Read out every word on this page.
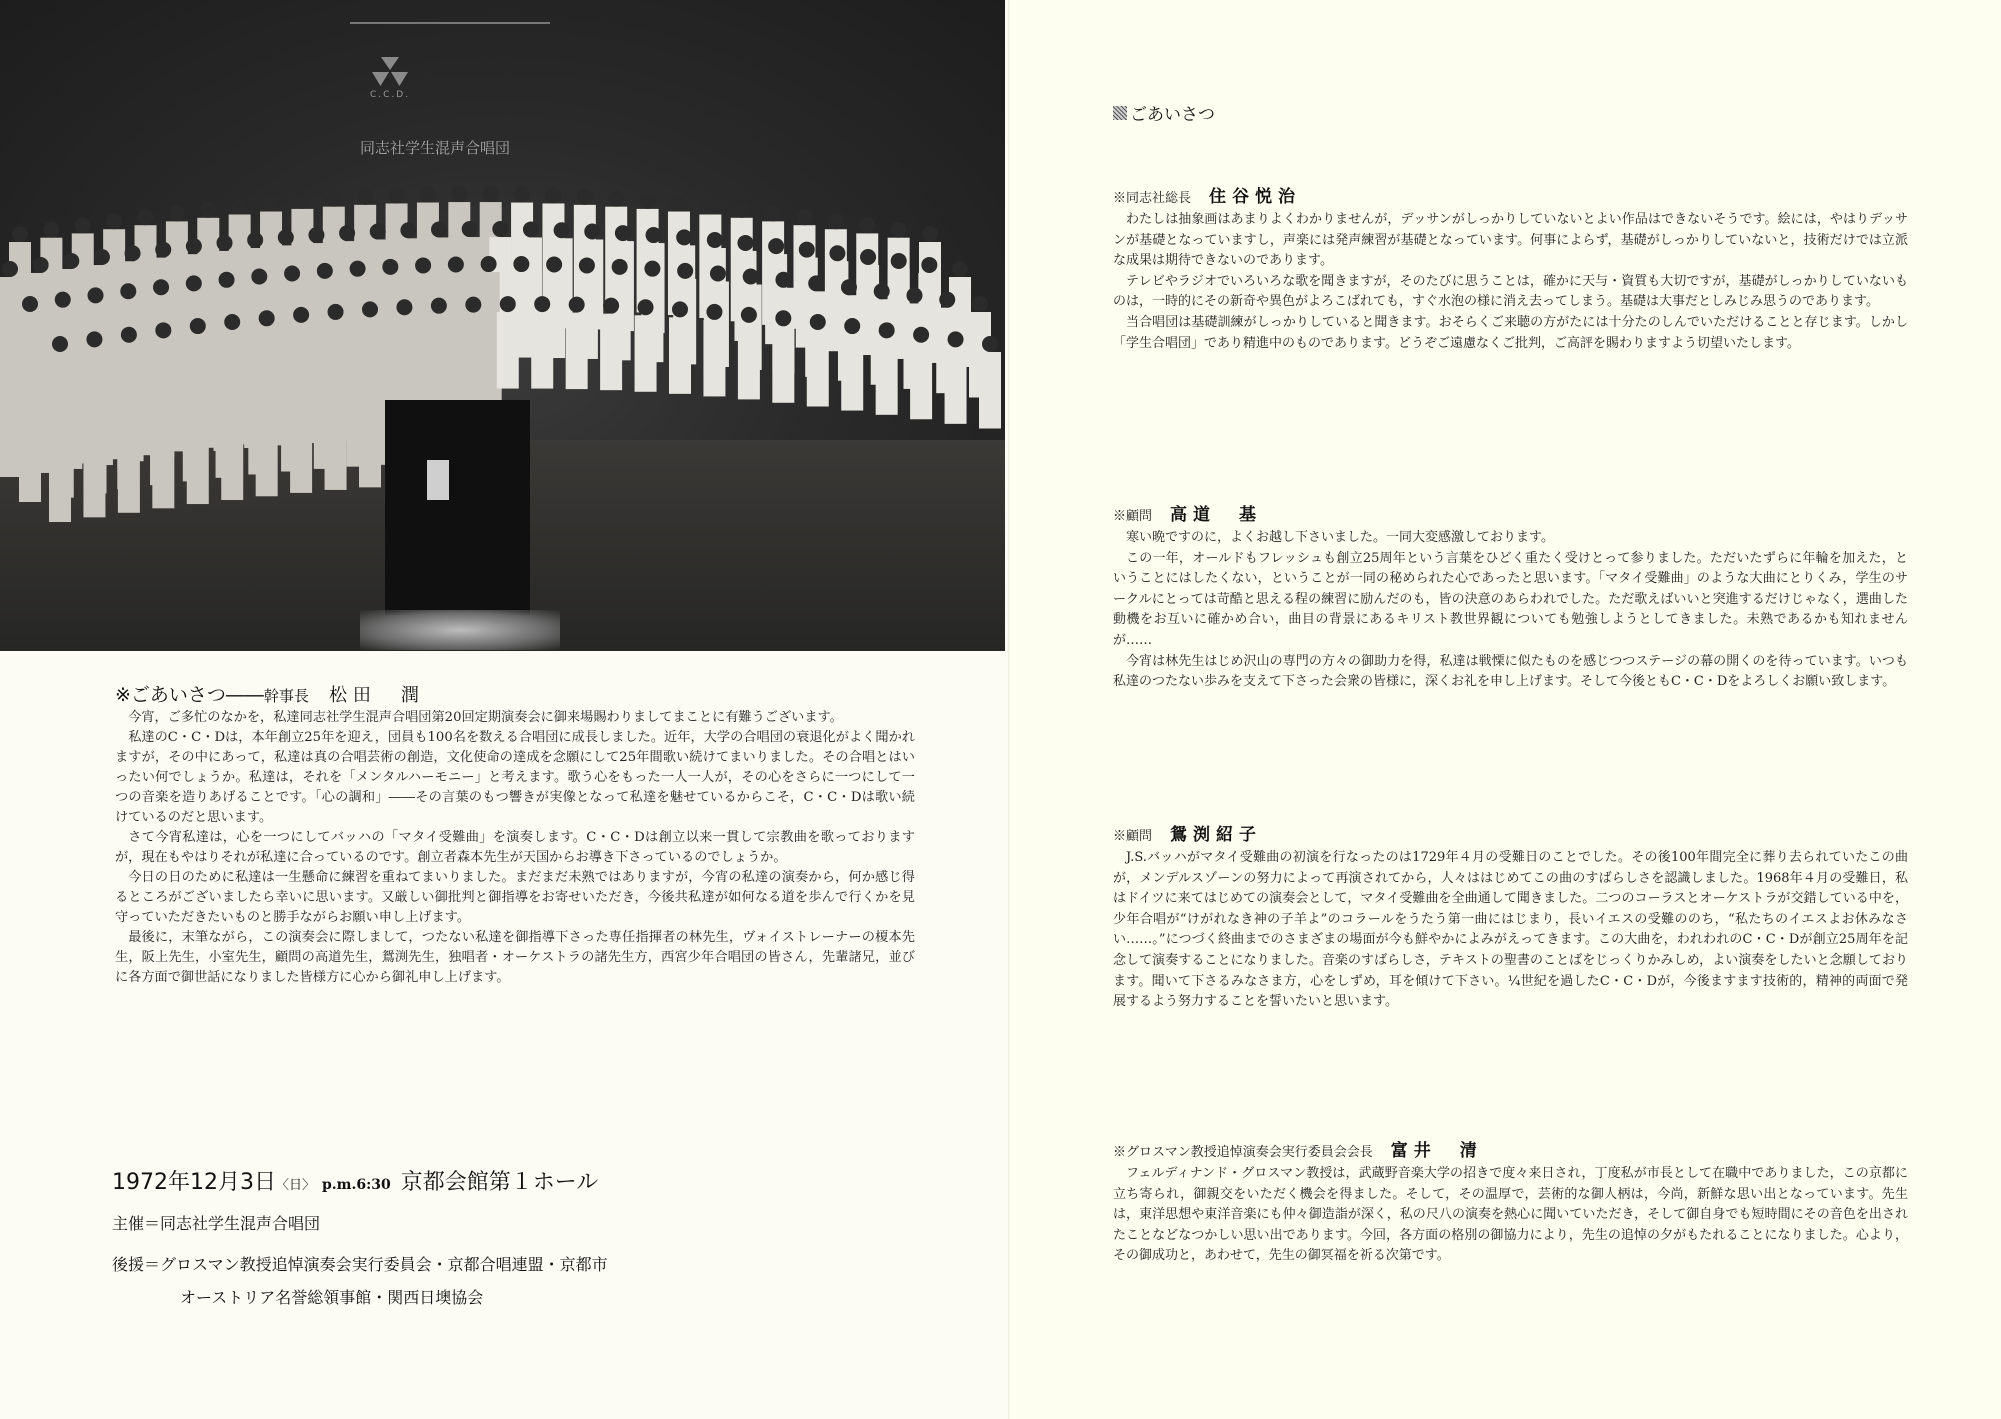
C.C.D.
同志社学生混声合唱団
※ごあいさつ――幹事長 松田　潤

今宵，ご多忙のなかを，私達同志社学生混声合唱団第20回定期演奏会に御来場賜わりましてまことに有難うございます。

私達のC・C・Dは，本年創立25年を迎え，団員も100名を数える合唱団に成長しました。近年，大学の合唱団の衰退化がよく聞かれますが，その中にあって，私達は真の合唱芸術の創造，文化使命の達成を念願にして25年間歌い続けてまいりました。その合唱とはいったい何でしょうか。私達は，それを「メンタルハーモニー」と考えます。歌う心をもった一人一人が，その心をさらに一つにして一つの音楽を造りあげることです。「心の調和」――その言葉のもつ響きが実像となって私達を魅せているからこそ，C・C・Dは歌い続けているのだと思います。

さて今宵私達は，心を一つにしてバッハの「マタイ受難曲」を演奏します。C・C・Dは創立以来一貫して宗教曲を歌っておりますが，現在もやはりそれが私達に合っているのです。創立者森本先生が天国からお導き下さっているのでしょうか。

今日の日のために私達は一生懸命に練習を重ねてまいりました。まだまだ未熟ではありますが，今宵の私達の演奏から，何か感じ得るところがございましたら幸いに思います。又厳しい御批判と御指導をお寄せいただき，今後共私達が如何なる道を歩んで行くかを見守っていただきたいものと勝手ながらお願い申し上げます。

最後に，末筆ながら，この演奏会に際しまして，つたない私達を御指導下さった専任指揮者の林先生，ヴォイストレーナーの榎本先生，阪上先生，小室先生，顧問の高道先生，鴛渕先生，独唱者・オーケストラの諸先生方，西宮少年合唱団の皆さん，先輩諸兄，並びに各方面で御世話になりました皆様方に心から御礼申し上げます。

1972年12月3日〈日〉 p.m.6:30 京都会館第１ホール
主催＝同志社学生混声合唱団
後援＝グロスマン教授追悼演奏会実行委員会・京都合唱連盟・京都市
オーストリア名誉総領事館・関西日墺協会
ごあいさつ
※同志社総長 住谷悦治

わたしは抽象画はあまりよくわかりませんが，デッサンがしっかりしていないとよい作品はできないそうです。絵には，やはりデッサンが基礎となっていますし，声楽には発声練習が基礎となっています。何事によらず，基礎がしっかりしていないと，技術だけでは立派な成果は期待できないのであります。

テレビやラジオでいろいろな歌を聞きますが，そのたびに思うことは，確かに天与・資質も大切ですが，基礎がしっかりしていないものは，一時的にその新奇や異色がよろこばれても，すぐ水泡の様に消え去ってしまう。基礎は大事だとしみじみ思うのであります。

当合唱団は基礎訓練がしっかりしていると聞きます。おそらくご来聴の方がたには十分たのしんでいただけることと存じます。しかし「学生合唱団」であり精進中のものであります。どうぞご遠慮なくご批判，ご高評を賜わりますよう切望いたします。

※顧問 高道　基

寒い晩ですのに，よくお越し下さいました。一同大変感激しております。

この一年，オールドもフレッシュも創立25周年という言葉をひどく重たく受けとって参りました。ただいたずらに年輪を加えた，ということにはしたくない，ということが一同の秘められた心であったと思います。「マタイ受難曲」のような大曲にとりくみ，学生のサークルにとっては苛酷と思える程の練習に励んだのも，皆の決意のあらわれでした。ただ歌えばいいと突進するだけじゃなく，選曲した動機をお互いに確かめ合い，曲目の背景にあるキリスト教世界観についても勉強しようとしてきました。未熟であるかも知れませんが……

今宵は林先生はじめ沢山の専門の方々の御助力を得，私達は戦慄に似たものを感じつつステージの幕の開くのを待っています。いつも私達のつたない歩みを支えて下さった会衆の皆様に，深くお礼を申し上げます。そして今後ともC・C・Dをよろしくお願い致します。

※顧問 鴛渕紹子

J.S.バッハがマタイ受難曲の初演を行なったのは1729年４月の受難日のことでした。その後100年間完全に葬り去られていたこの曲が，メンデルスゾーンの努力によって再演されてから，人々ははじめてこの曲のすばらしさを認識しました。1968年４月の受難日，私はドイツに来てはじめての演奏会として，マタイ受難曲を全曲通して聞きました。二つのコーラスとオーケストラが交錯している中を，少年合唱が“けがれなき神の子羊よ”のコラールをうたう第一曲にはじまり，長いイエスの受難ののち，“私たちのイエスよお休みなさい……。”につづく終曲までのさまざまの場面が今も鮮やかによみがえってきます。この大曲を，われわれのC・C・Dが創立25周年を記念して演奏することになりました。音楽のすばらしさ，テキストの聖書のことばをじっくりかみしめ，よい演奏をしたいと念願しております。聞いて下さるみなさま方，心をしずめ，耳を傾けて下さい。¼世紀を過したC・C・Dが，今後ますます技術的，精神的両面で発展するよう努力することを誓いたいと思います。

※グロスマン教授追悼演奏会実行委員会会長 富井　清

フェルディナンド・グロスマン教授は，武蔵野音楽大学の招きで度々来日され，丁度私が市長として在職中でありました，この京都に立ち寄られ，御親交をいただく機会を得ました。そして，その温厚で，芸術的な御人柄は，今尚，新鮮な思い出となっています。先生は，東洋思想や東洋音楽にも仲々御造詣が深く，私の尺八の演奏を熱心に聞いていただき，そして御自身でも短時間にその音色を出されたことなどなつかしい思い出であります。今回，各方面の格別の御協力により，先生の追悼の夕がもたれることになりました。心より，その御成功と，あわせて，先生の御冥福を祈る次第です。
